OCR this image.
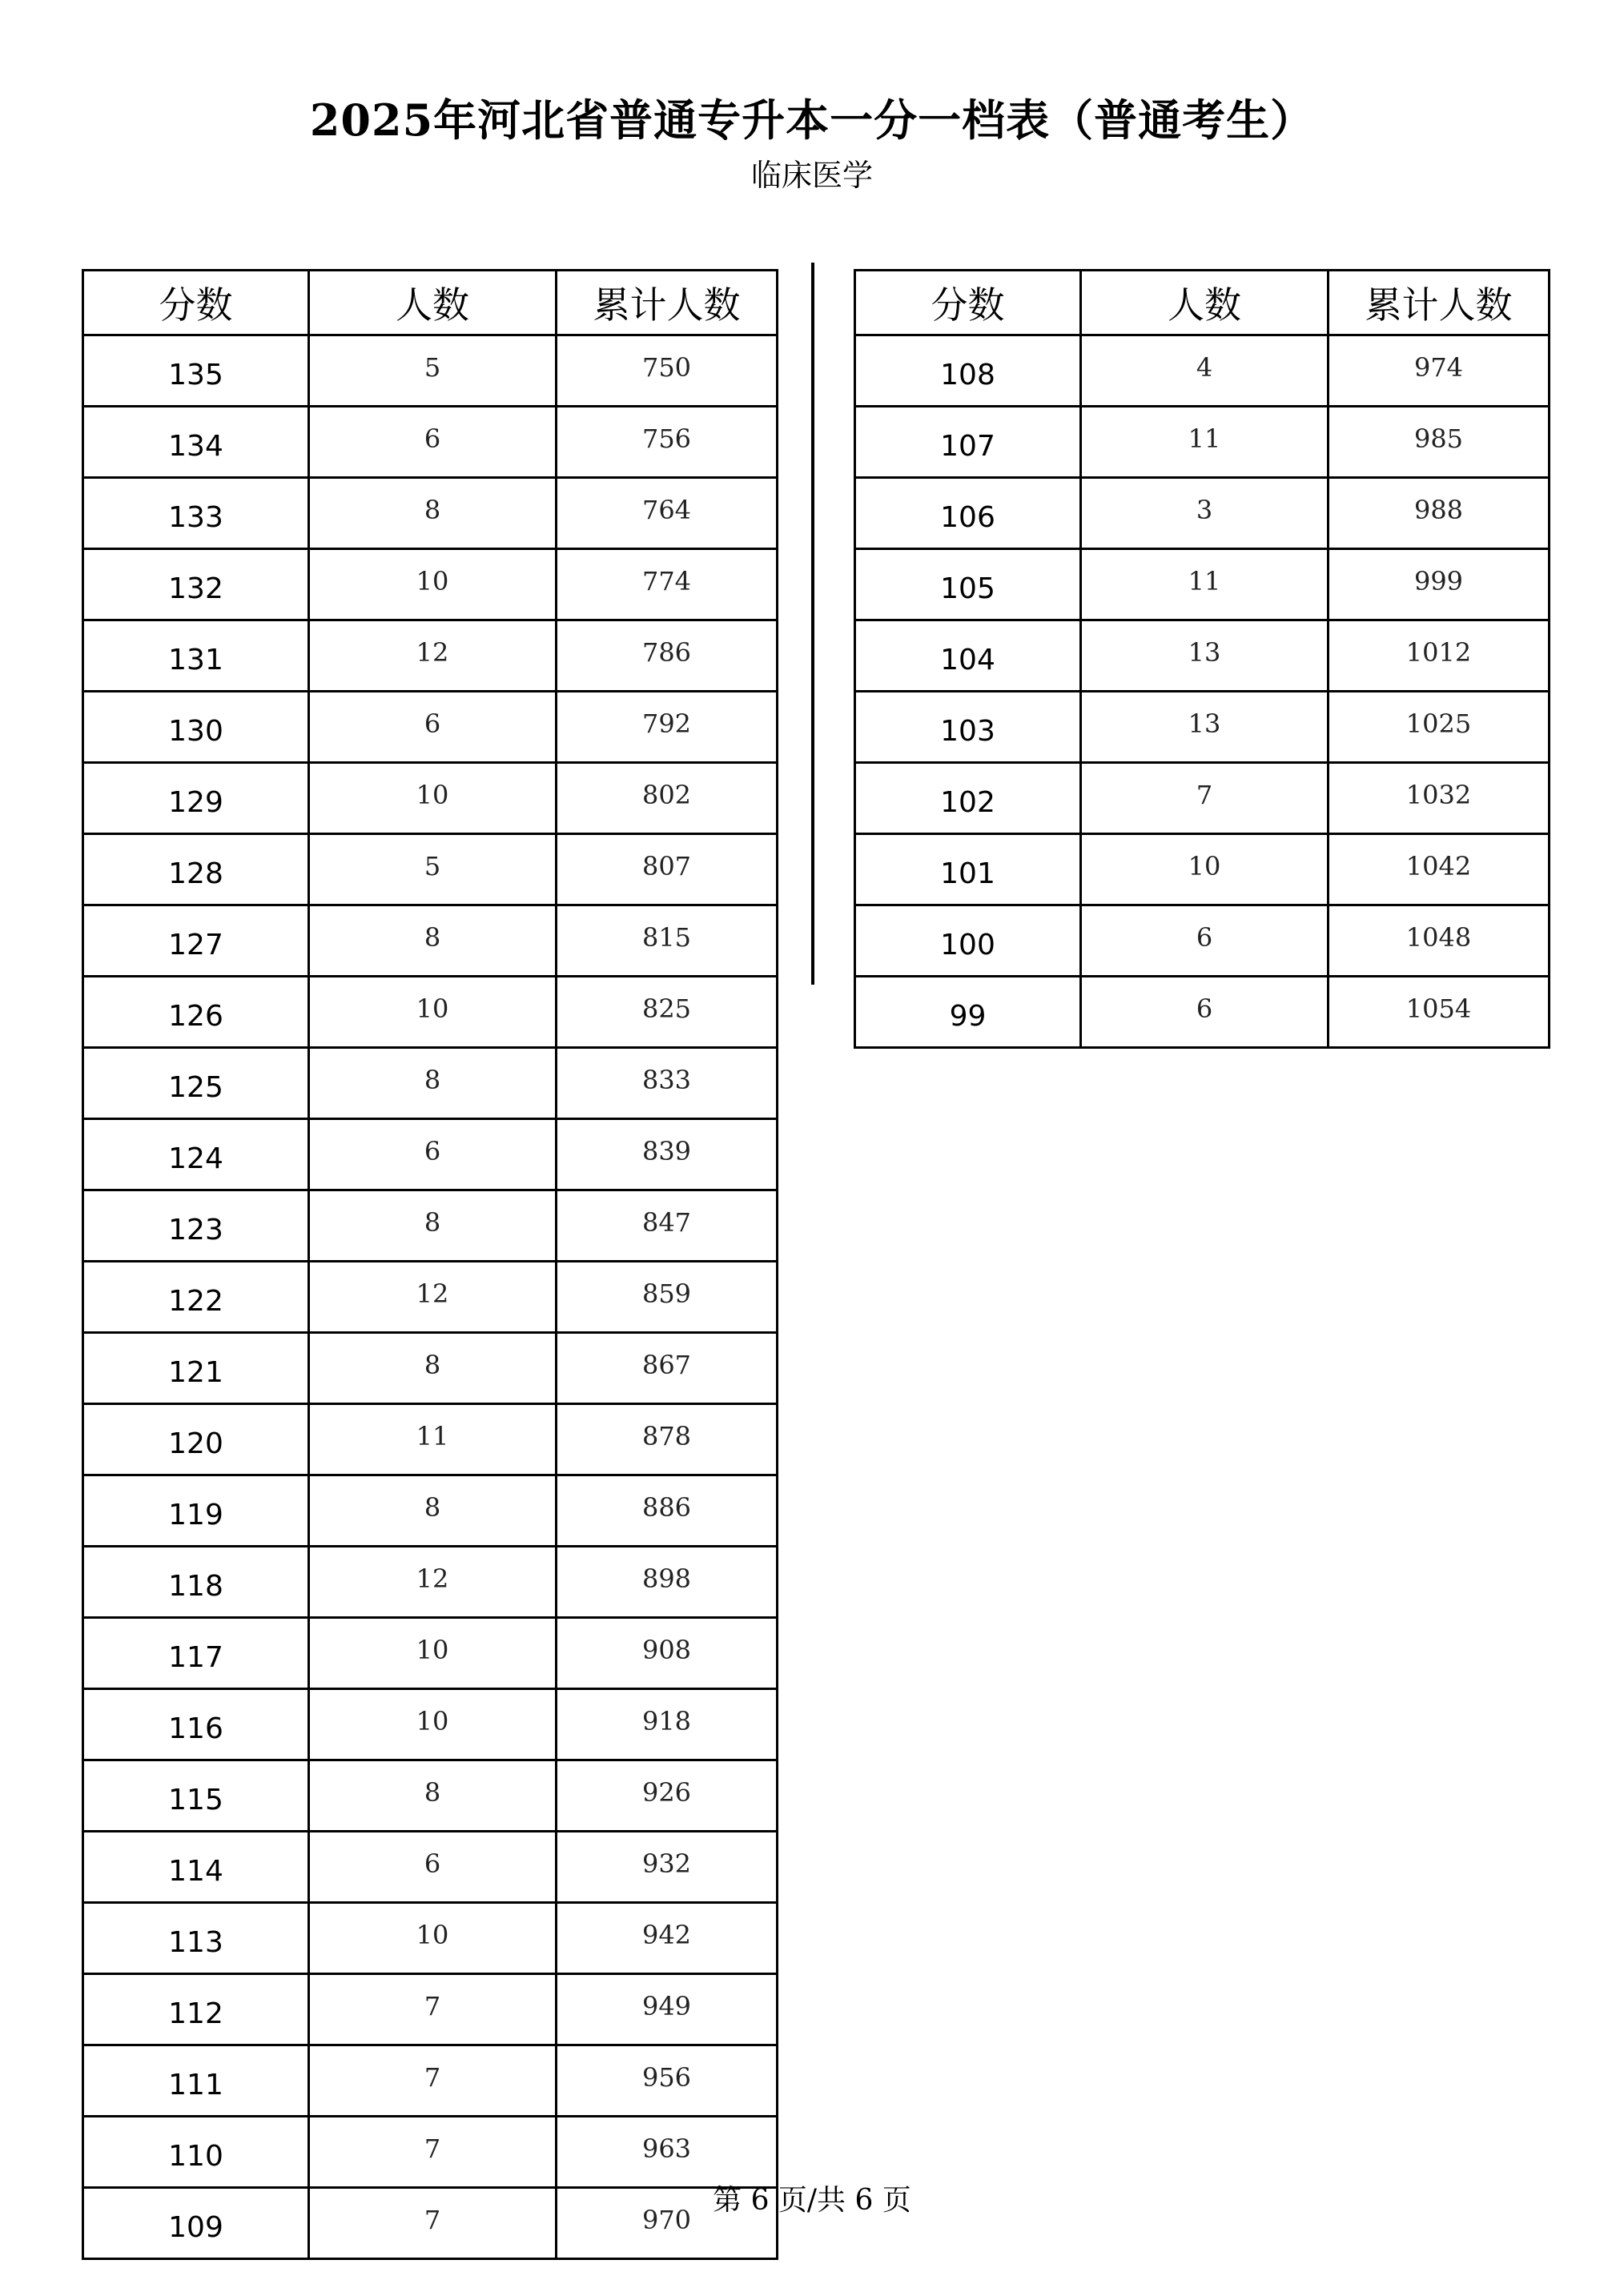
2025年河北省普通专升本一分一档表（普通考生）
临床医学
分数	人数	累计人数
135	5	750
134	6	756
133	8	764
132	10	774
131	12	786
130	6	792
129	10	802
128	5	807
127	8	815
126	10	825
125	8	833
124	6	839
123	8	847
122	12	859
121	8	867
120	11	878
119	8	886
118	12	898
117	10	908
116	10	918
115	8	926
114	6	932
113	10	942
112	7	949
111	7	956
110	7	963
109	7	970
分数	人数	累计人数
108	4	974
107	11	985
106	3	988
105	11	999
104	13	1012
103	13	1025
102	7	1032
101	10	1042
100	6	1048
99	6	1054
第 6 页/共 6 页
